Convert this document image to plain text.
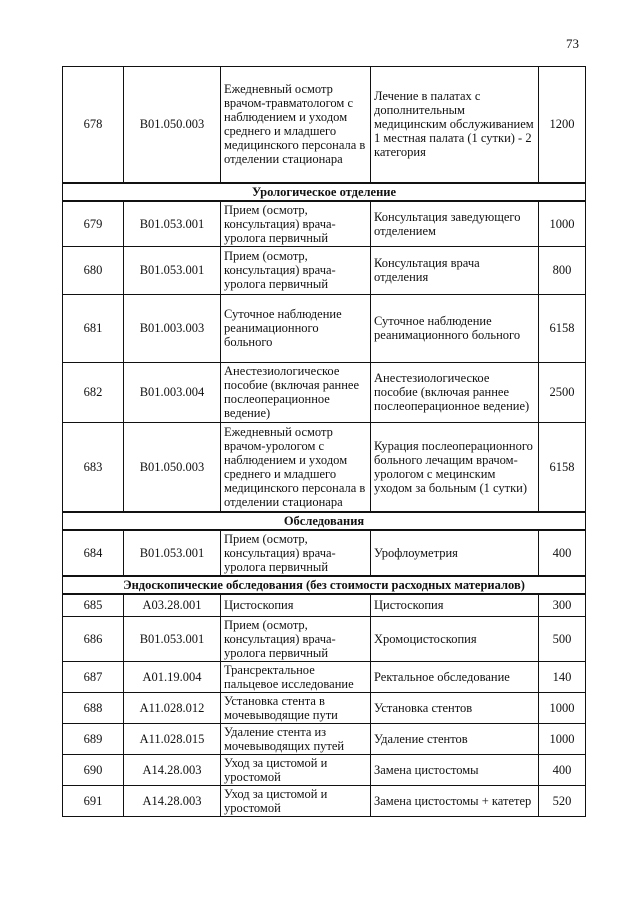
73
678	В01.050.003	Ежедневный осмотр врачом-травматологом с наблюдением и уходом среднего и младшего медицинского персонала в отделении стационара	Лечение в палатах с дополнительным медицинским обслуживанием 1 местная палата (1 сутки) - 2 категория	1200
Урологическое отделение				
679	В01.053.001	Прием (осмотр, консультация) врача-уролога первичный	Консультация заведующего отделением	1000
680	В01.053.001	Прием (осмотр, консультация) врача-уролога первичный	Консультация врача отделения	800
681	В01.003.003	Суточное наблюдение реанимационного больного	Суточное наблюдение реанимационного больного	6158
682	В01.003.004	Анестезиологическое пособие (включая раннее послеоперационное ведение)	Анестезиологическое пособие (включая раннее послеоперационное ведение)	2500
683	В01.050.003	Ежедневный осмотр врачом-урологом с наблюдением и уходом среднего и младшего медицинского персонала в отделении стационара	Курация послеоперационного больного лечащим врачом-урологом с мецинским уходом за больным (1 сутки)	6158
Обследования				
684	В01.053.001	Прием (осмотр, консультация) врача-уролога первичный	Урофлоуметрия	400
Эндоскопические обследования (без стоимости расходных материалов)				
685	А03.28.001	Цистоскопия	Цистоскопия	300
686	В01.053.001	Прием (осмотр, консультация) врача-уролога первичный	Хромоцистоскопия	500
687	А01.19.004	Трансректальное пальцевое исследование	Ректальное обследование	140
688	А11.028.012	Установка стента в мочевыводящие пути	Установка стентов	1000
689	А11.028.015	Удаление стента из мочевыводящих путей	Удаление стентов	1000
690	А14.28.003	Уход за цистомой и уростомой	Замена цистостомы	400
691	А14.28.003	Уход за цистомой и уростомой	Замена цистостомы + катетер	520
